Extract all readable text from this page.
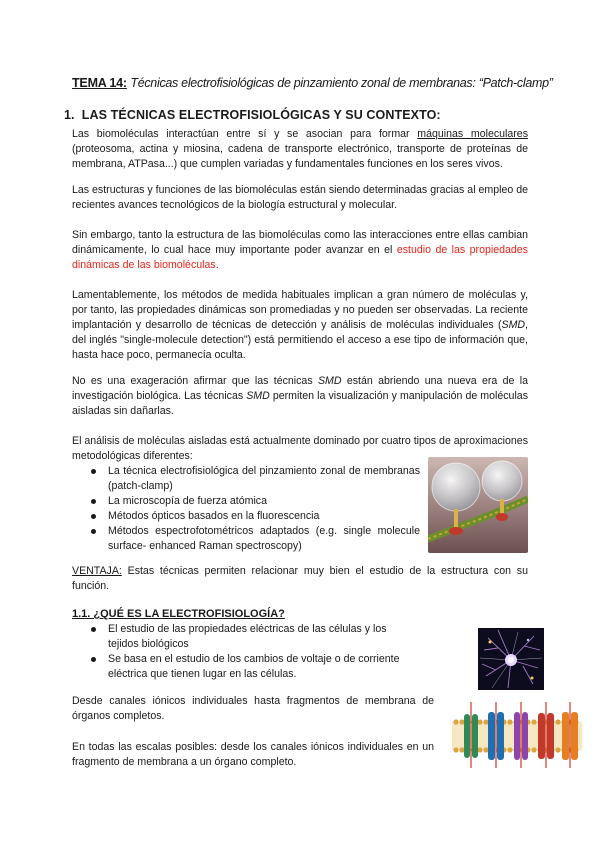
TEMA 14: Técnicas electrofisiológicas de pinzamiento zonal de membranas: “Patch-clamp”
1. LAS TÉCNICAS ELECTROFISIOLÓGICAS Y SU CONTEXTO:
Las biomoléculas interactúan entre sí y se asocian para formar máquinas moleculares (proteosoma, actina y miosina, cadena de transporte electrónico, transporte de proteínas de membrana, ATPasa...) que cumplen variadas y fundamentales funciones en los seres vivos.
Las estructuras y funciones de las biomoléculas están siendo determinadas gracias al empleo de recientes avances tecnológicos de la biología estructural y molecular.
Sin embargo, tanto la estructura de las biomoléculas como las interacciones entre ellas cambian dinámicamente, lo cual hace muy importante poder avanzar en el estudio de las propiedades dinámicas de las biomoléculas.
Lamentablemente, los métodos de medida habituales implican a gran número de moléculas y, por tanto, las propiedades dinámicas son promediadas y no pueden ser observadas. La reciente implantación y desarrollo de técnicas de detección y análisis de moléculas individuales (SMD, del inglés "single-molecule detection") está permitiendo el acceso a ese tipo de información que, hasta hace poco, permanecía oculta.
No es una exageración afirmar que las técnicas SMD están abriendo una nueva era de la investigación biológica. Las técnicas SMD permiten la visualización y manipulación de moléculas aisladas sin dañarlas.
El análisis de moléculas aisladas está actualmente dominado por cuatro tipos de aproximaciones metodológicas diferentes:
La técnica electrofisiológica del pinzamiento zonal de membranas (patch-clamp)
La microscopía de fuerza atómica
Métodos ópticos basados en la fluorescencia
Métodos espectrofotométricos adaptados (e.g. single molecule surface- enhanced Raman spectroscopy)
VENTAJA: Estas técnicas permiten relacionar muy bien el estudio de la estructura con su función.
1.1. ¿QUÉ ES LA ELECTROFISIOLOGÍA?
El estudio de las propiedades eléctricas de las células y los tejidos biológicos
Se basa en el estudio de los cambios de voltaje o de corriente eléctrica que tienen lugar en las células.
Desde canales iónicos individuales hasta fragmentos de membrana de órganos completos.
En todas las escalas posibles: desde los canales iónicos individuales en un fragmento de membrana a un órgano completo.
